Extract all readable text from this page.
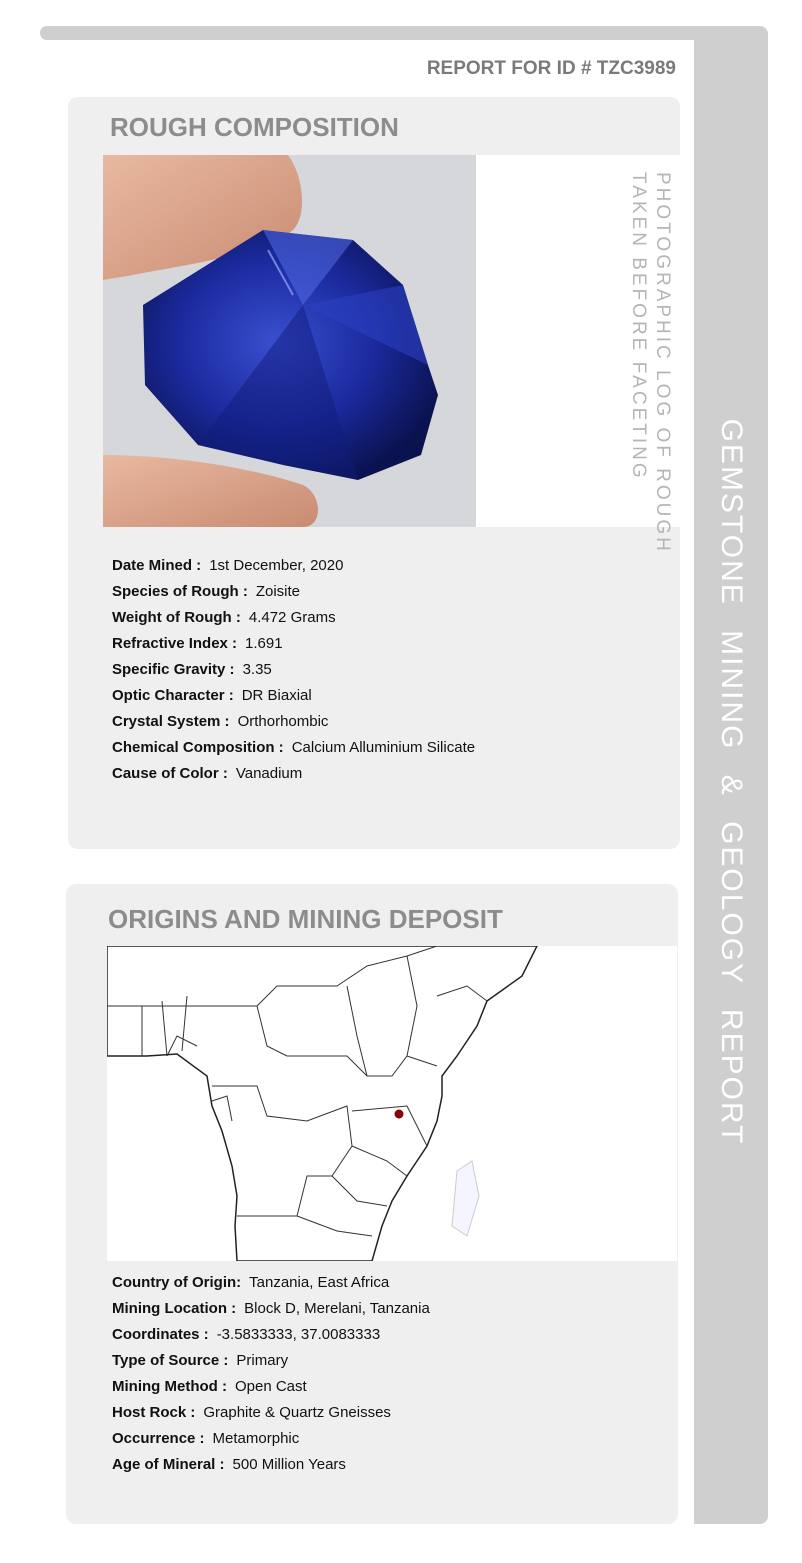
GEMSTONE MINING & GEOLOGY REPORT
REPORT FOR ID # TZC3989
ROUGH COMPOSITION
PHOTOGRAPHIC LOG OF ROUGH
TAKEN BEFORE FACETING
Date Mined : 1st December, 2020
Species of Rough : Zoisite
Weight of Rough : 4.472 Grams
Refractive Index : 1.691
Specific Gravity : 3.35
Optic Character : DR Biaxial
Crystal System : Orthorhombic
Chemical Composition : Calcium Alluminium Silicate
Cause of Color : Vanadium
ORIGINS AND MINING DEPOSIT
Country of Origin: Tanzania, East Africa
Mining Location : Block D, Merelani, Tanzania
Coordinates : -3.5833333, 37.0083333
Type of Source : Primary
Mining Method : Open Cast
Host Rock : Graphite & Quartz Gneisses
Occurrence : Metamorphic
Age of Mineral : 500 Million Years
